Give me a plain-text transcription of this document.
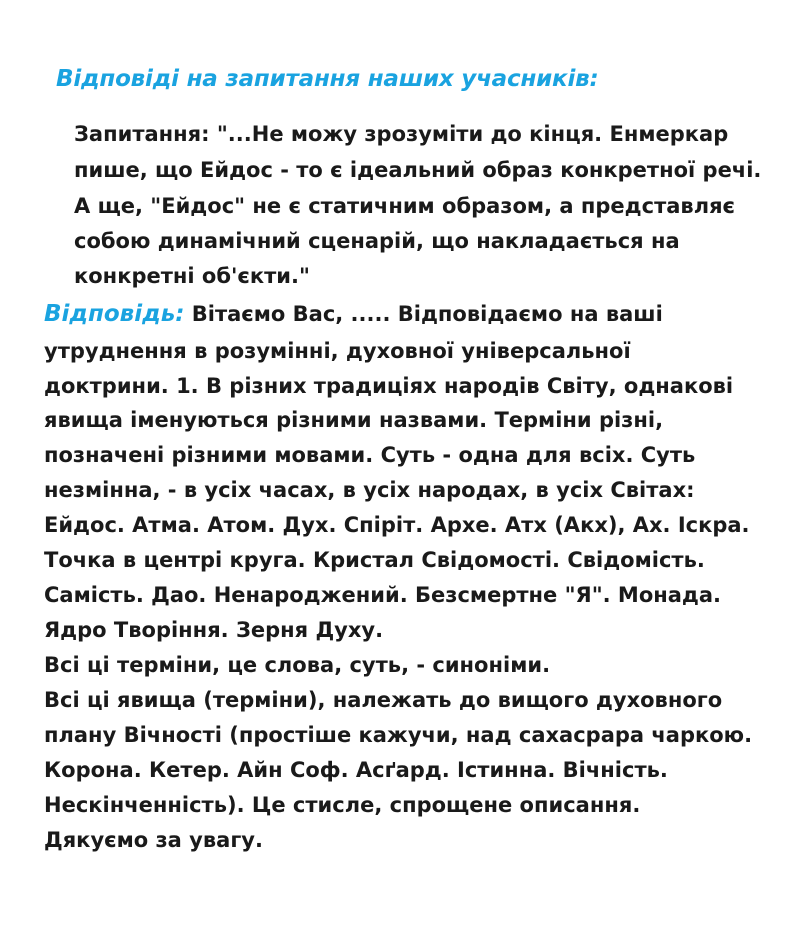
Відповіді на запитання наших учасників:

Запитання: "...Не можу зрозуміти до кінця. Енмеркар

пише, що Ейдос - то є ідеальний образ конкретної речі.

А ще, "Ейдос" не є статичним образом, а представляє

собою динамічний сценарій, що накладається на

конкретні об'єкти."

Відповідь: Вітаємо Вас, ..... Відповідаємо на ваші

утруднення в розумінні, духовної універсальної

доктрини. 1. В різних традиціях народів Світу, однакові

явища іменуються різними назвами. Терміни різні,

позначені різними мовами. Суть - одна для всіх. Суть

незмінна, - в усіх часах, в усіх народах, в усіх Світах:

Ейдос. Атма. Атом. Дух. Спіріт. Архе. Атх (Акх), Ах. Іскра.

Точка в центрі круга. Кристал Свідомості. Свідомість.

Самість. Дао. Ненароджений. Безсмертне "Я". Монада.

Ядро Творіння. Зерня Духу.

Всі ці терміни, це слова, суть, - синоніми.

Всі ці явища (терміни), належать до вищого духовного

плану Вічності (простіше кажучи, над сахасрара чаркою.

Корона. Кетер. Айн Соф. Асґард. Істинна. Вічність.

Нескінченність). Це стисле, спрощене описання.

Дякуємо за увагу.
